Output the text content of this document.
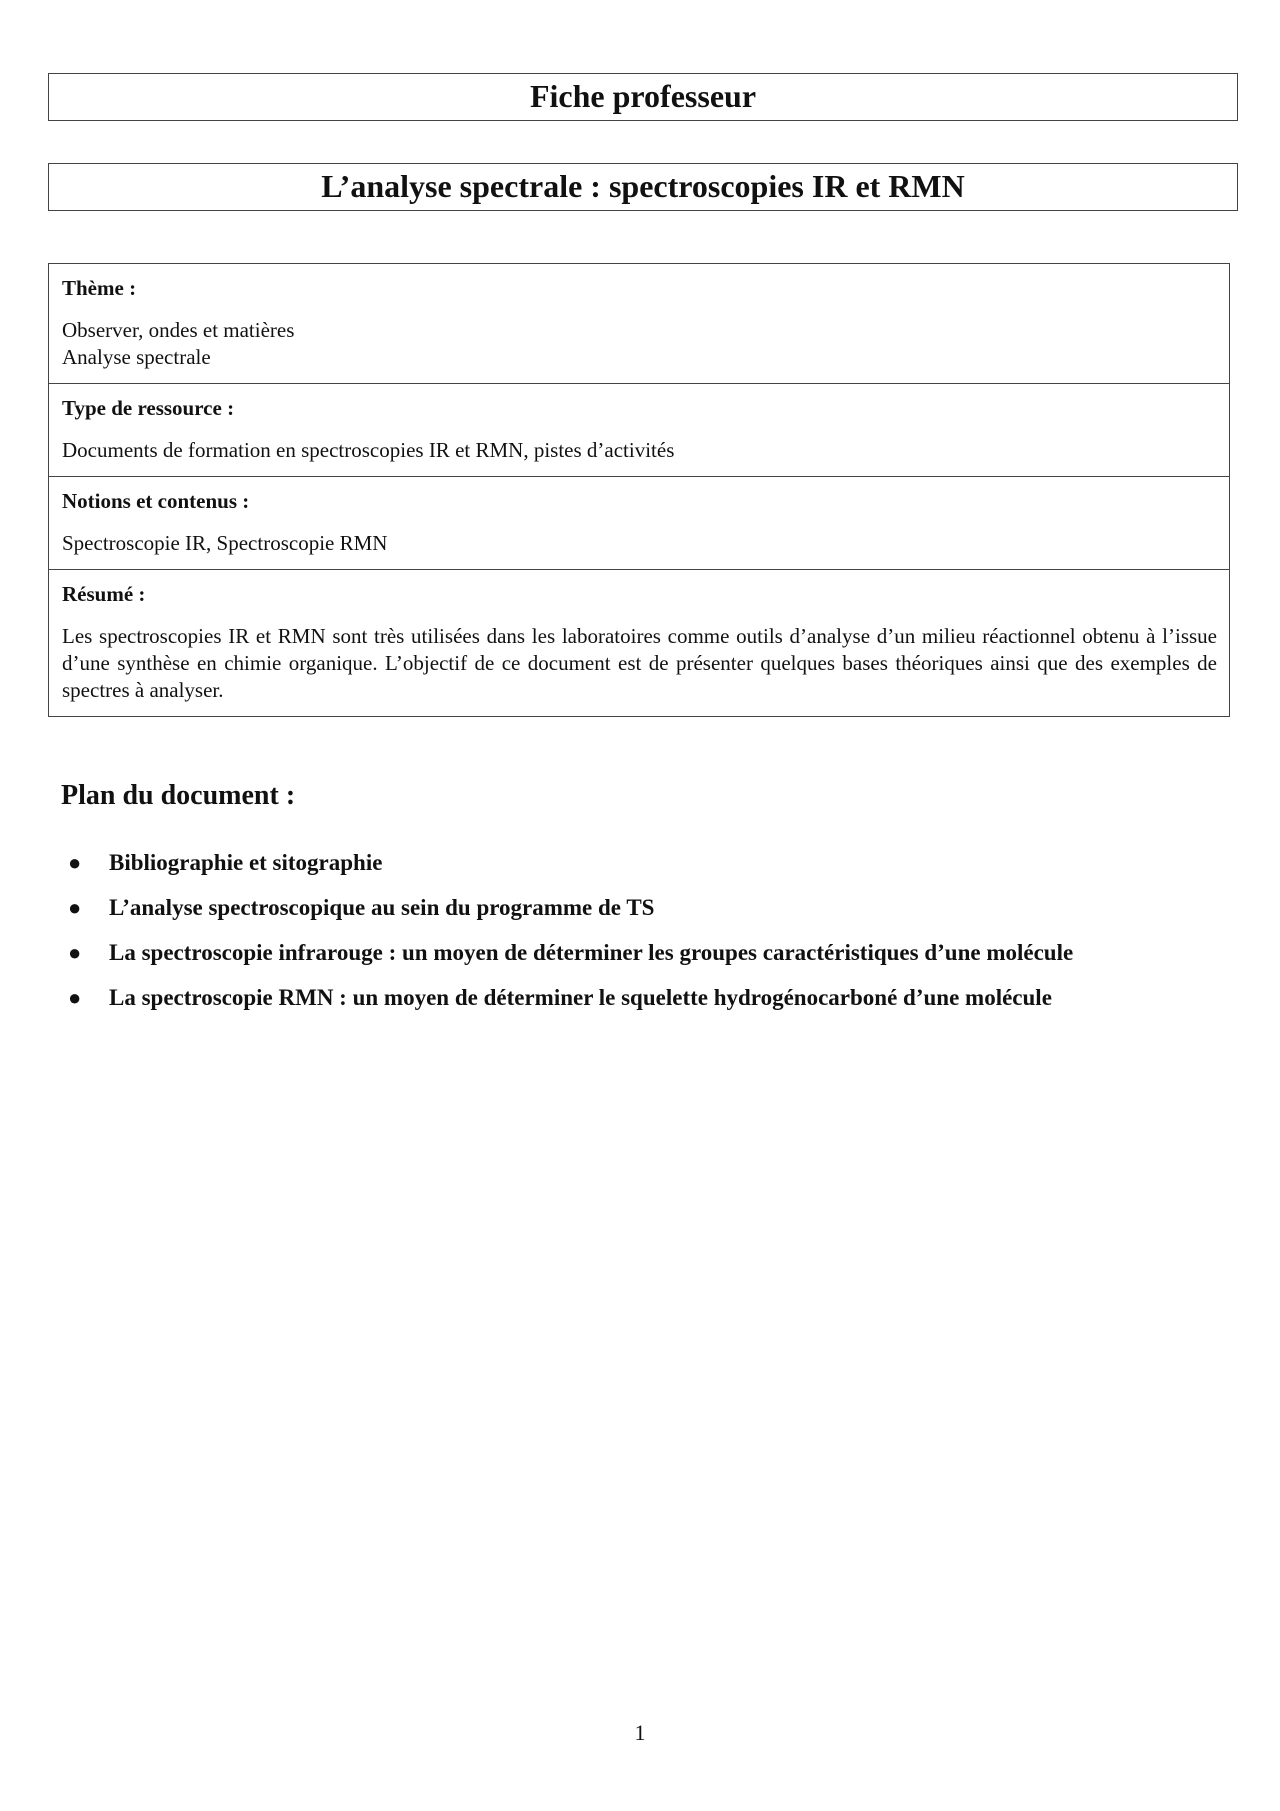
Fiche professeur
L’analyse spectrale : spectroscopies IR et RMN
Thème :
Observer, ondes et matières
Analyse spectrale
Type de ressource :
Documents de formation en spectroscopies IR et RMN, pistes d’activités
Notions et contenus :
Spectroscopie IR, Spectroscopie RMN
Résumé :
Les spectroscopies IR et RMN sont très utilisées dans les laboratoires comme outils d’analyse d’un milieu réactionnel obtenu à l’issue d’une synthèse en chimie organique. L’objectif de ce document est de présenter quelques bases théoriques ainsi que des exemples de spectres à analyser.
Plan du document :
●	Bibliographie et sitographie
●	L’analyse spectroscopique au sein du programme de TS
●	La spectroscopie infrarouge : un moyen de déterminer les groupes caractéristiques d’une molécule
●	La spectroscopie RMN : un moyen de déterminer le squelette hydrogénocarboné d’une molécule
1
